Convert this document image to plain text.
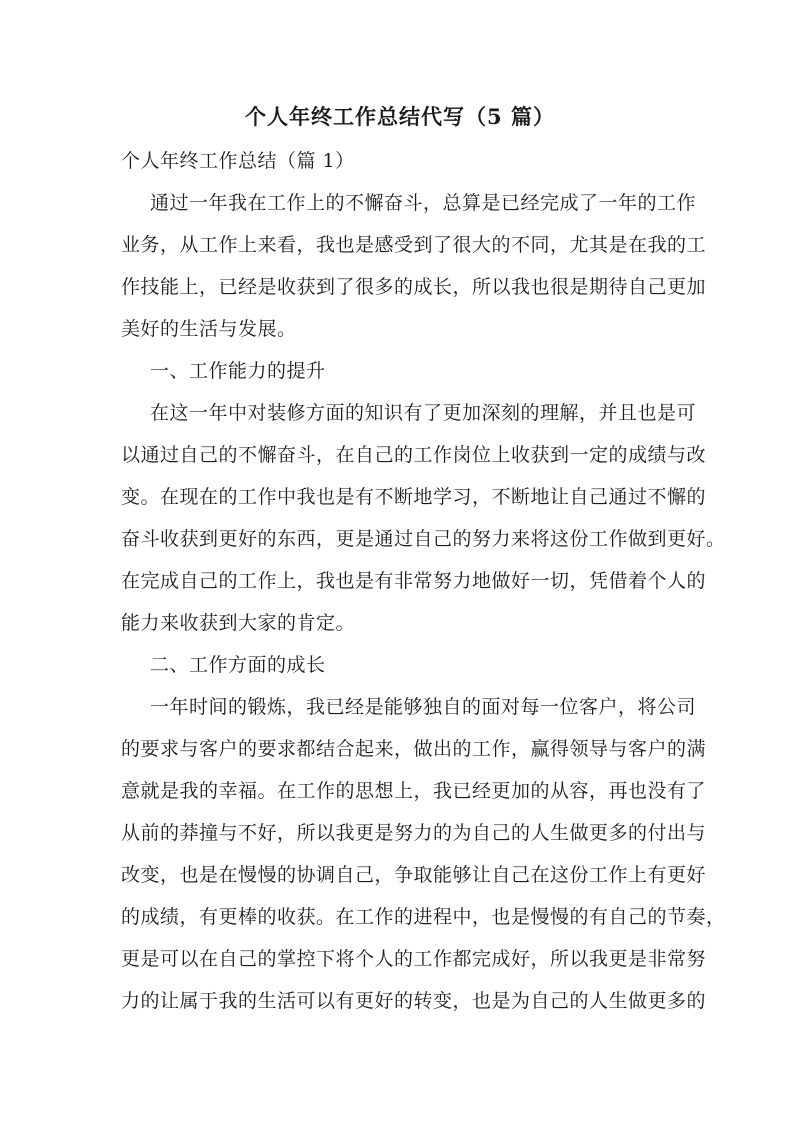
个人年终工作总结代写（5 篇）
个人年终工作总结（篇 1）
通过一年我在工作上的不懈奋斗，总算是已经完成了一年的工作
业务，从工作上来看，我也是感受到了很大的不同，尤其是在我的工
作技能上，已经是收获到了很多的成长，所以我也很是期待自己更加
美好的生活与发展。
一、工作能力的提升
在这一年中对装修方面的知识有了更加深刻的理解，并且也是可
以通过自己的不懈奋斗，在自己的工作岗位上收获到一定的成绩与改
变。在现在的工作中我也是有不断地学习，不断地让自己通过不懈的
奋斗收获到更好的东西，更是通过自己的努力来将这份工作做到更好。
在完成自己的工作上，我也是有非常努力地做好一切，凭借着个人的
能力来收获到大家的肯定。
二、工作方面的成长
一年时间的锻炼，我已经是能够独自的面对每一位客户，将公司
的要求与客户的要求都结合起来，做出的工作，赢得领导与客户的满
意就是我的幸福。在工作的思想上，我已经更加的从容，再也没有了
从前的莽撞与不好，所以我更是努力的为自己的人生做更多的付出与
改变，也是在慢慢的协调自己，争取能够让自己在这份工作上有更好
的成绩，有更棒的收获。在工作的进程中，也是慢慢的有自己的节奏，
更是可以在自己的掌控下将个人的工作都完成好，所以我更是非常努
力的让属于我的生活可以有更好的转变，也是为自己的人生做更多的
